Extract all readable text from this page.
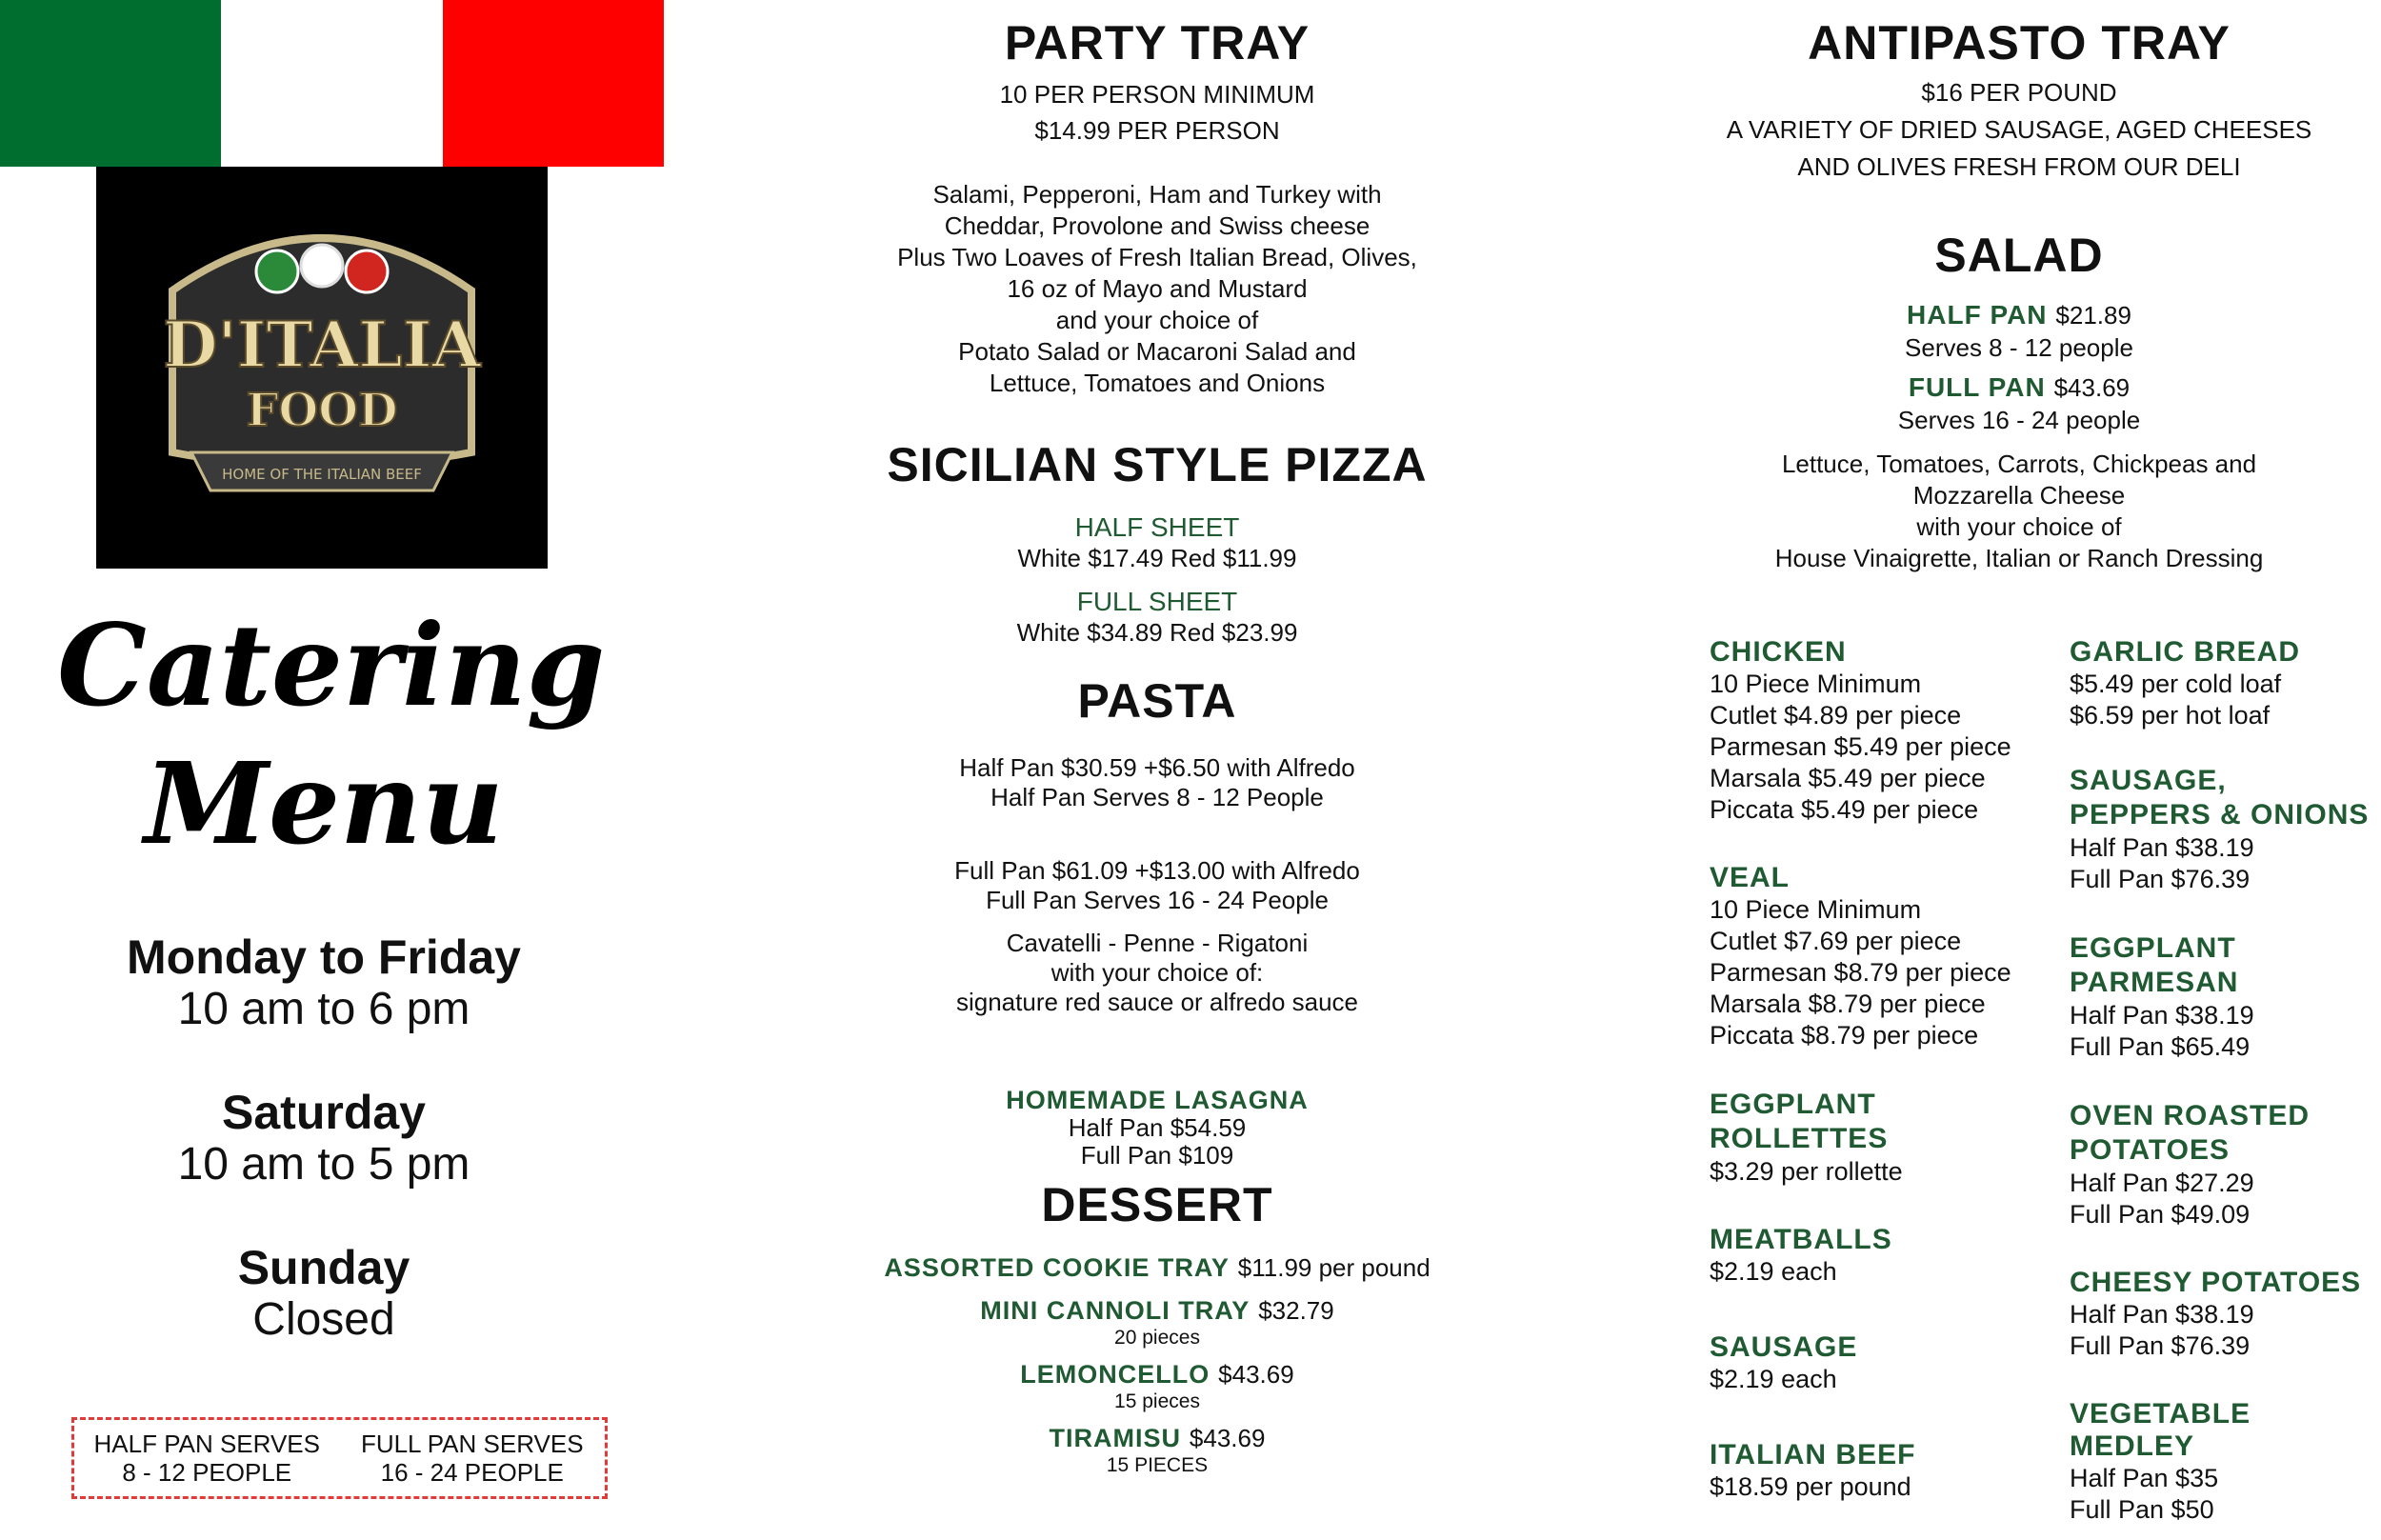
D'ITALIA
FOOD
HOME OF THE ITALIAN BEEF
Catering
Menu
Monday to Friday
10 am to 6 pm
Saturday
10 am to 5 pm
Sunday
Closed
HALF PAN SERVES
8 - 12 PEOPLE
FULL PAN SERVES
16 - 24 PEOPLE
PARTY TRAY
10 PER PERSON MINIMUM
$14.99 PER PERSON
Salami, Pepperoni, Ham and Turkey with
Cheddar, Provolone and Swiss cheese
Plus Two Loaves of Fresh Italian Bread, Olives,
16 oz of Mayo and Mustard
and your choice of
Potato Salad or Macaroni Salad and
Lettuce, Tomatoes and Onions
SICILIAN STYLE PIZZA
HALF SHEET
White $17.49 Red $11.99
FULL SHEET
White $34.89 Red $23.99
PASTA
Half Pan $30.59 +$6.50 with Alfredo
Half Pan Serves 8 - 12 People
Full Pan $61.09 +$13.00 with Alfredo
Full Pan Serves 16 - 24 People
Cavatelli - Penne - Rigatoni
with your choice of:
signature red sauce or alfredo sauce
HOMEMADE LASAGNA
Half Pan $54.59
Full Pan $109
DESSERT
ASSORTED COOKIE TRAY $11.99 per pound
MINI CANNOLI TRAY $32.79
20 pieces
LEMONCELLO $43.69
15 pieces
TIRAMISU $43.69
15 PIECES
ANTIPASTO TRAY
$16 PER POUND
A VARIETY OF DRIED SAUSAGE, AGED CHEESES
AND OLIVES FRESH FROM OUR DELI
SALAD
HALF PAN $21.89
Serves 8 - 12 people
FULL PAN $43.69
Serves 16 - 24 people
Lettuce, Tomatoes, Carrots, Chickpeas and
Mozzarella Cheese
with your choice of
House Vinaigrette, Italian or Ranch Dressing
CHICKEN
10 Piece Minimum
Cutlet $4.89 per piece
Parmesan $5.49 per piece
Marsala $5.49 per piece
Piccata $5.49 per piece
VEAL
10 Piece Minimum
Cutlet $7.69 per piece
Parmesan $8.79 per piece
Marsala $8.79 per piece
Piccata $8.79 per piece
EGGPLANT ROLLETTES
$3.29 per rollette
MEATBALLS
$2.19 each
SAUSAGE
$2.19 each
ITALIAN BEEF
$18.59 per pound
GARLIC BREAD
$5.49 per cold loaf
$6.59 per hot loaf
SAUSAGE, PEPPERS & ONIONS
Half Pan $38.19
Full Pan $76.39
EGGPLANT PARMESAN
Half Pan $38.19
Full Pan $65.49
OVEN ROASTED POTATOES
Half Pan $27.29
Full Pan $49.09
CHEESY POTATOES
Half Pan $38.19
Full Pan $76.39
VEGETABLE MEDLEY
Half Pan $35
Full Pan $50
